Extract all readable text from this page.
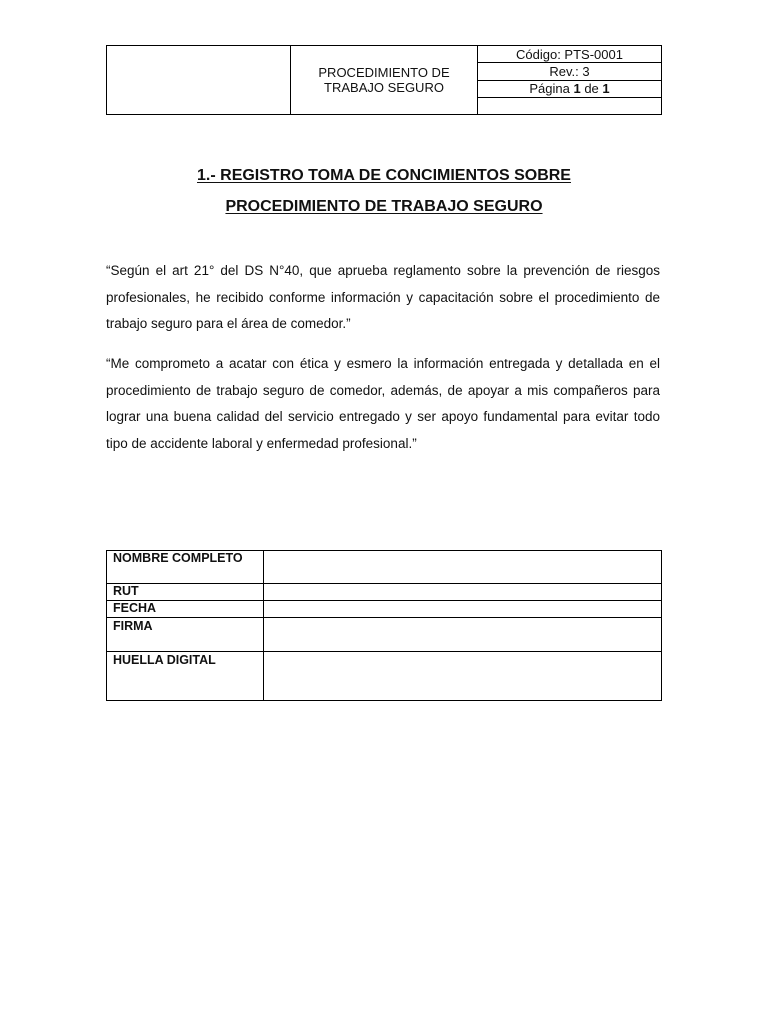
PROCEDIMIENTO DE
TRABAJO SEGURO
	Código: PTS-0001
Rev.: 3
Página 1 de 1

1.- REGISTRO TOMA DE CONCIMIENTOS SOBRE
PROCEDIMIENTO DE TRABAJO SEGURO

“Según el art 21° del DS N°40, que aprueba reglamento sobre la prevención de riesgos profesionales, he recibido conforme información y capacitación sobre el procedimiento de trabajo seguro para el área de comedor.”

“Me comprometo a acatar con ética y esmero la información entregada y detallada en el procedimiento de trabajo seguro de comedor, además, de apoyar a mis compañeros para lograr una buena calidad del servicio entregado y ser apoyo fundamental para evitar todo tipo de accidente laboral y enfermedad profesional.”

NOMBRE COMPLETO	
RUT	
FECHA	
FIRMA	
HUELLA DIGITAL	
